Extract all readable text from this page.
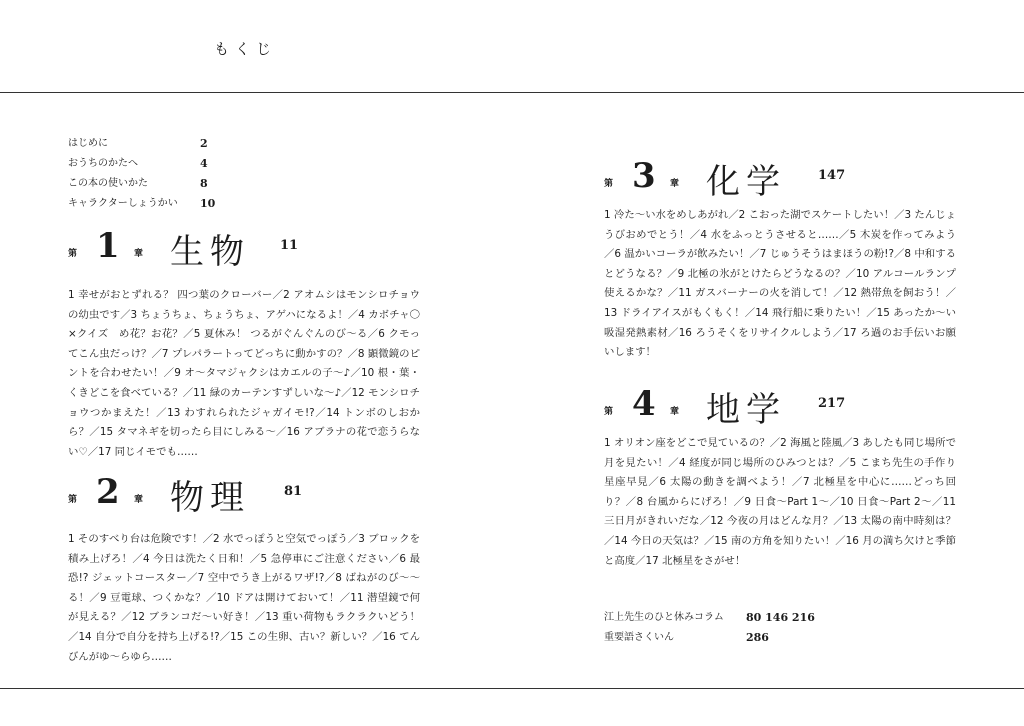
もくじ
はじめに	2
おうちのかたへ	4
この本の使いかた	8
キャラクターしょうかい 10
第 1 章 生物 11
1 幸せがおとずれる？ 四つ葉のクローバー／2 アオムシはモンシロチョウの幼虫です／3 ちょうちょ、ちょうちょ、アゲハになるよ！／4 カボチャ〇×クイズ　め花？お花？／5 夏休み！ つるがぐんぐんのび～る／6 クモってこん虫だっけ？／7 プレパラートってどっちに動かすの？／8 顕微鏡のピントを合わせたい！／9 オ～タマジャクシはカエルの子～♪／10 根・葉・くきどこを食べている？／11 緑のカーテンすずしいな～♪／12 モンシロチョウつかまえた！／13 わすれられたジャガイモ!?／14 トンボのしおから？／15 タマネギを切ったら目にしみる～／16 アブラナの花で恋うらない♡／17 同じイモでも……
第 2 章 物理	81
1 そのすべり台は危険です！／2 水でっぽうと空気でっぽう／3 ブロックを積み上げろ！／4 今日は洗たく日和！／5 急停車にご注意ください／6 最恐!? ジェットコースター／7 空中でうき上がるワザ!?／8 ばねがのび～～る！／9 豆電球、つくかな？／10 ドアは開けておいて！／11 潜望鏡で何が見える？／12 ブランコだ～い好き！／13 重い荷物もラクラクいどう！／14 自分で自分を持ち上げる!?／15 この生卵、古い？新しい？／16 てんびんがゆ～らゆら……
第 3 章 化学 147
1 冷た～い水をめしあがれ／2 こおった湖でスケートしたい！／3 たんじょうびおめでとう！／4 水をふっとうさせると……／5 木炭を作ってみよう／6 温かいコーラが飲みたい！／7 じゅうそうはまほうの粉!?／8 中和するとどうなる？／9 北極の氷がとけたらどうなるの？／10 アルコールランプ使えるかな？／11 ガスバーナーの火を消して！／12 熱帯魚を飼おう！／13 ドライアイスがもくもく！／14 飛行船に乗りたい！／15 あったか～い吸湿発熱素材／16 ろうそくをリサイクルしよう／17 ろ過のお手伝いお願いします！
第 4 章 地学 217
1 オリオン座をどこで見ているの？／2 海風と陸風／3 あしたも同じ場所で月を見たい！／4 経度が同じ場所のひみつとは？／5 こまち先生の手作り星座早見／6 太陽の動きを調べよう！／7 北極星を中心に……どっち回り？／8 台風からにげろ！／9 日食～Part 1～／10 日食～Part 2～／11 三日月がきれいだな／12 今夜の月はどんな月？／13 太陽の南中時刻は？／14 今日の天気は？／15 南の方角を知りたい！／16 月の満ち欠けと季節と高度／17 北極星をさがせ！
江上先生のひと休みコラム 80 146 216
重要語さくいん	286
